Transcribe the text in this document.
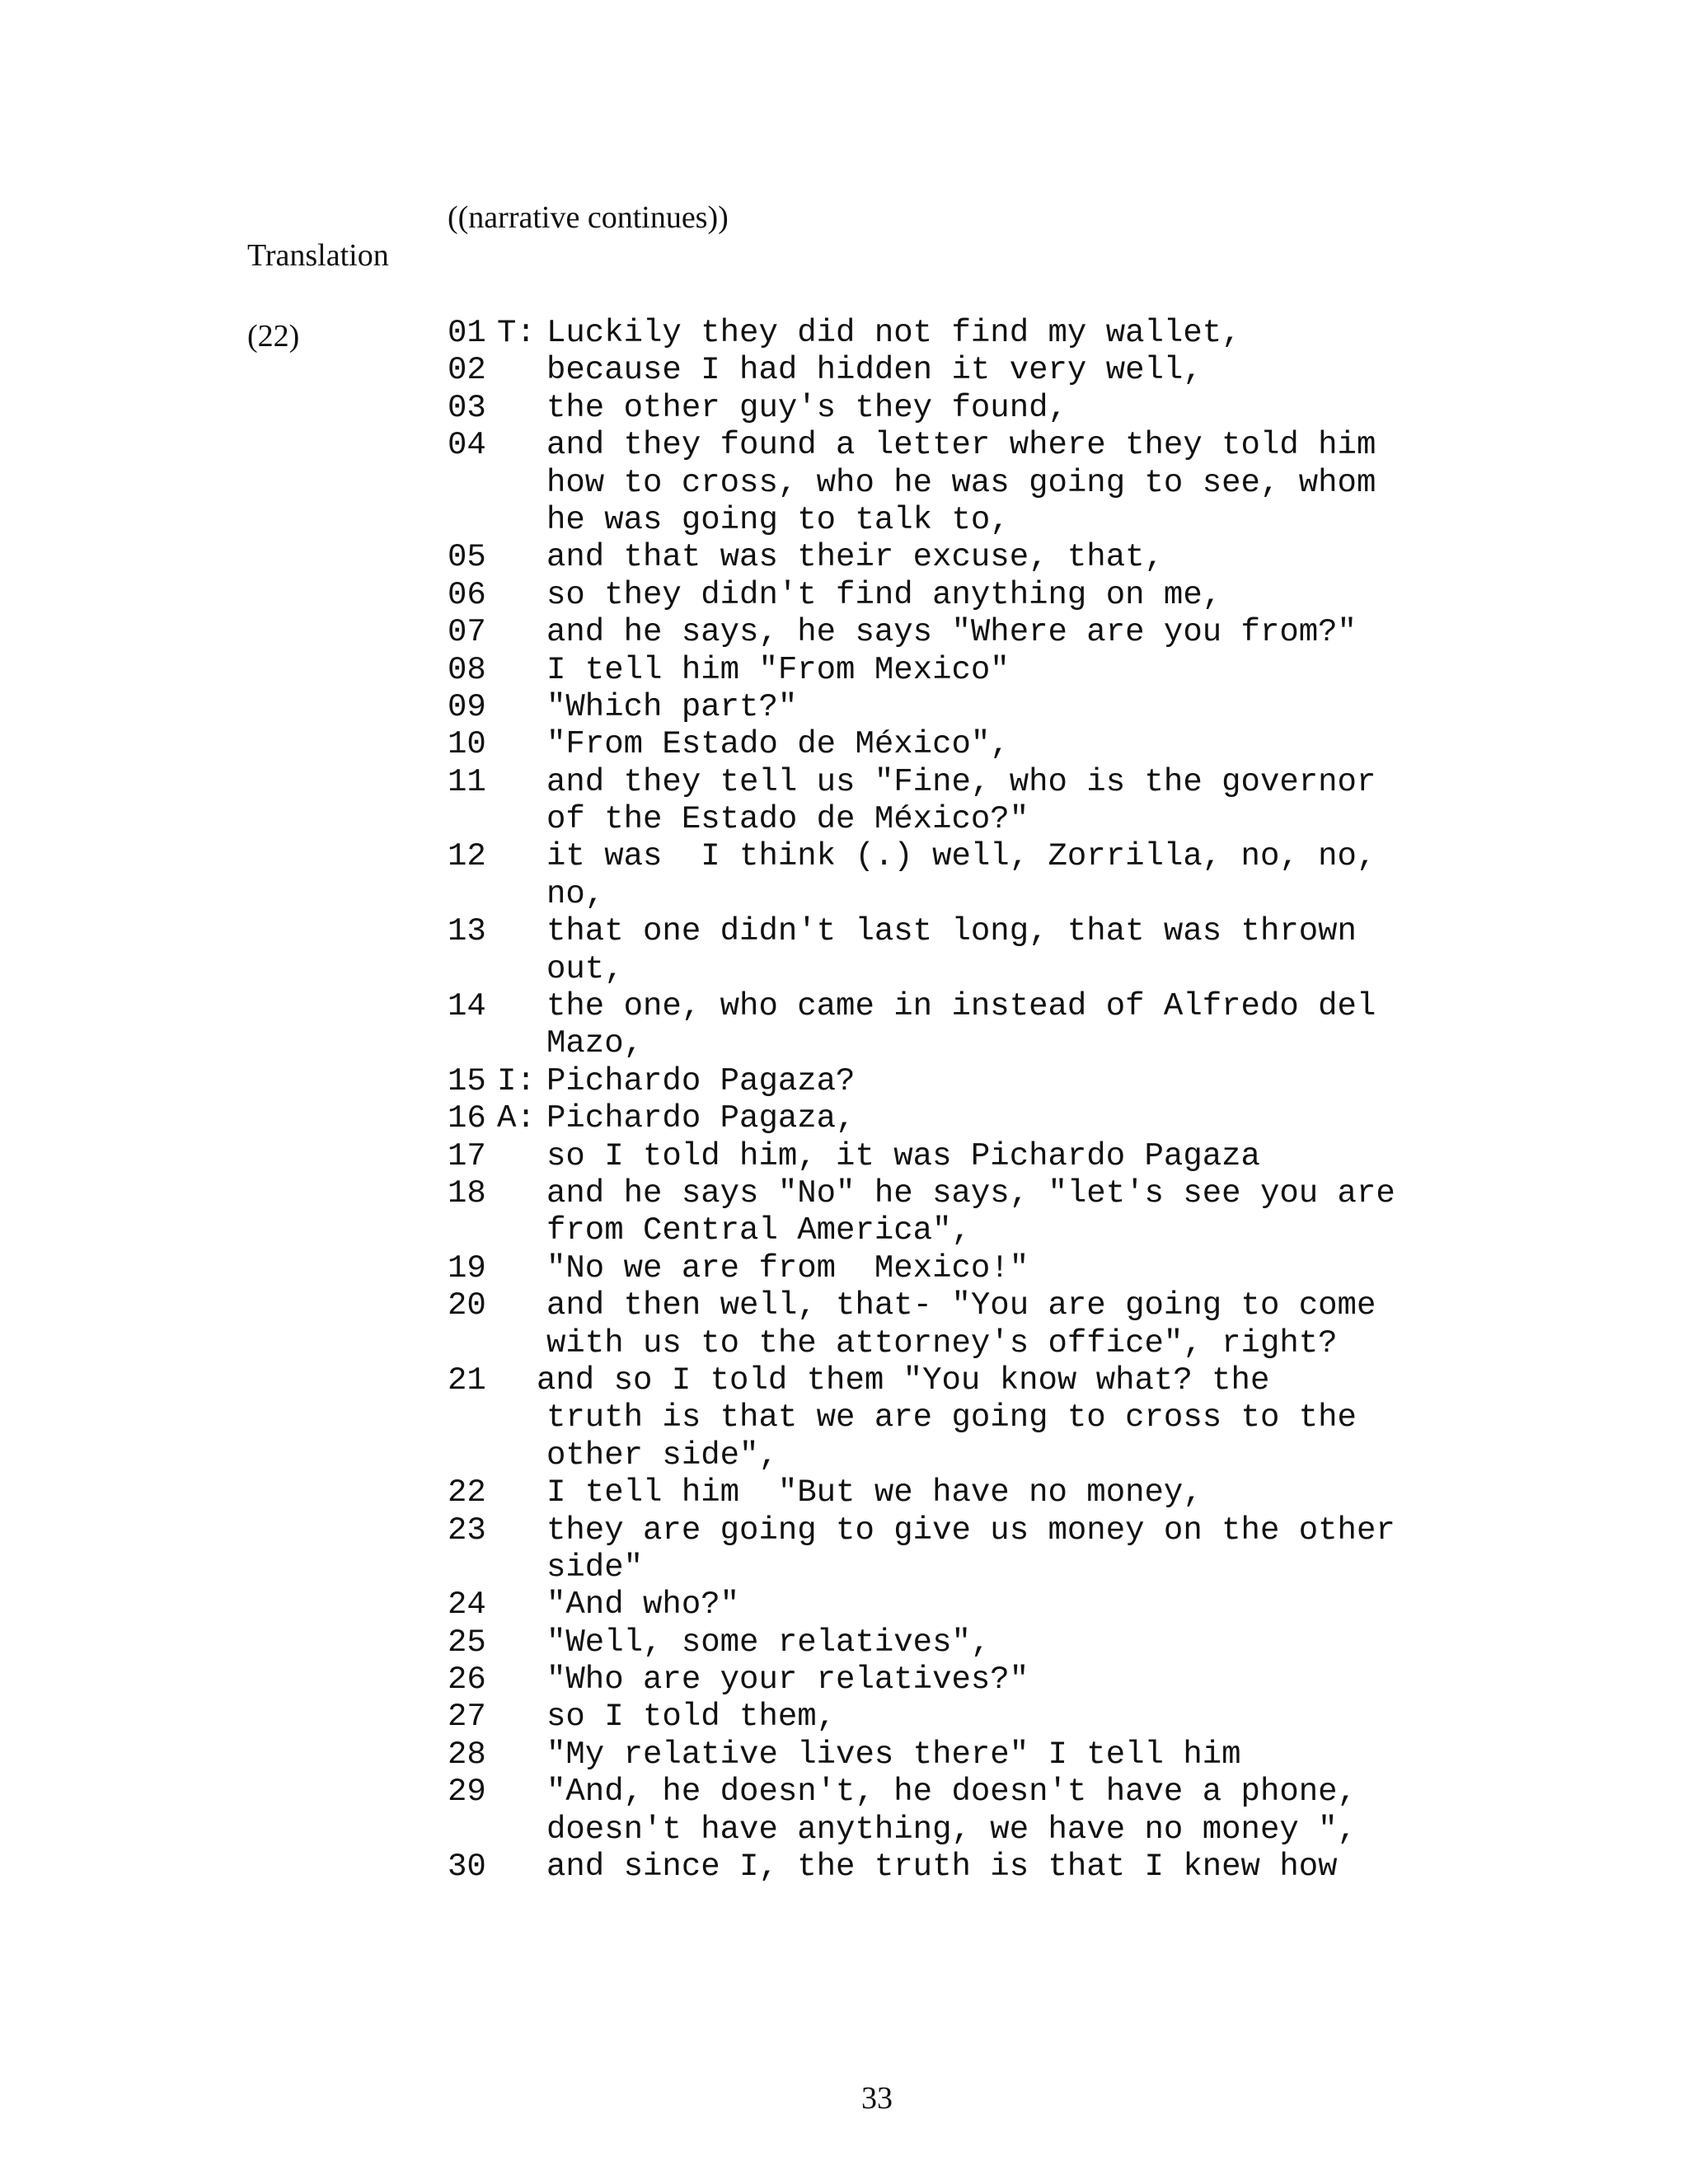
((narrative continues))
Translation
(22)	01 T: Luckily they did not find my wallet,
02 because I had hidden it very well,
03 the other guy's they found,
04 and they found a letter where they told him
how to cross, who he was going to see, whom
he was going to talk to,
05 and that was their excuse, that,
06 so they didn't find anything on me,
07 and he says, he says "Where are you from?"
08 I tell him "From Mexico"
09 "Which part?"
10 "From Estado de México",
11 and they tell us "Fine, who is the governor
of the Estado de México?"
12 it was  I think (.) well, Zorrilla, no, no,
no,
13 that one didn't last long, that was thrown
out,
14 the one, who came in instead of Alfredo del
Mazo,
15 I: Pichardo Pagaza?
16 A: Pichardo Pagaza,
17 so I told him, it was Pichardo Pagaza
18 and he says "No" he says, "let's see you are
from Central America",
19 "No we are from  Mexico!"
20 and then well, that- "You are going to come
with us to the attorney's office", right?
21 and so I told them "You know what? the
truth is that we are going to cross to the
other side",
22 I tell him  "But we have no money,
23 they are going to give us money on the other
side"
24 "And who?"
25 "Well, some relatives",
26 "Who are your relatives?"
27 so I told them,
28 "My relative lives there" I tell him
29 "And, he doesn't, he doesn't have a phone,
doesn't have anything, we have no money ",
30 and since I, the truth is that I knew how
33
